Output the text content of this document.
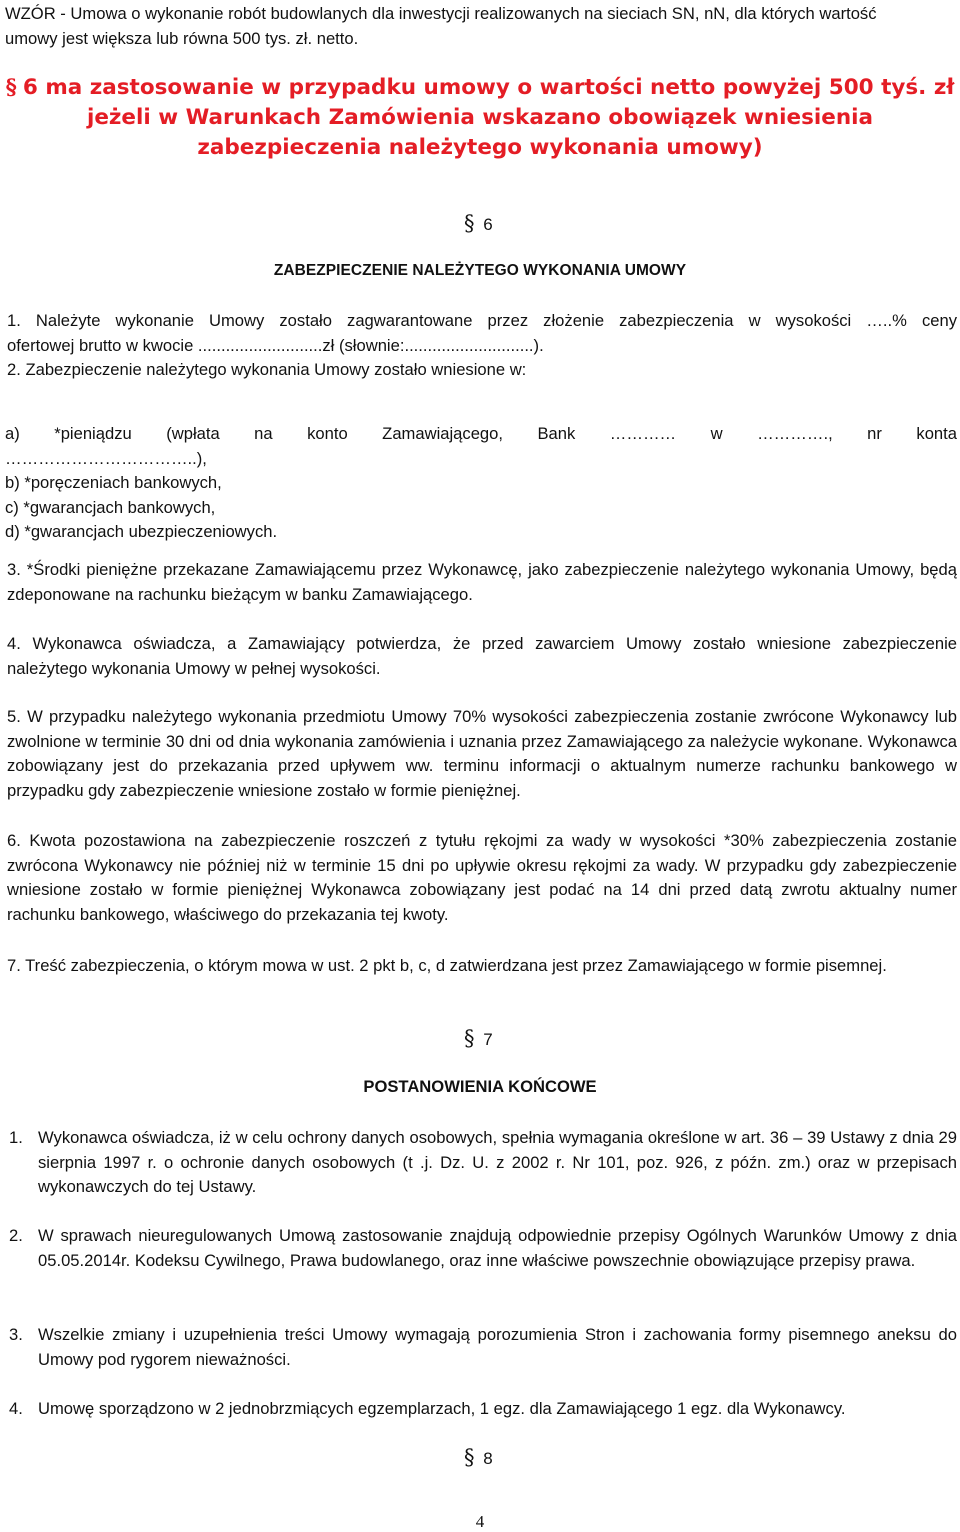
WZÓR - Umowa o wykonanie robót budowlanych dla inwestycji realizowanych na sieciach SN, nN, dla których wartość
umowy jest większa lub równa 500 tys. zł. netto.
§ 6 ma zastosowanie w przypadku umowy o wartości netto powyżej 500 tyś. zł
jeżeli w Warunkach Zamówienia wskazano obowiązek wniesienia
zabezpieczenia należytego wykonania umowy)
§ 6
ZABEZPIECZENIE NALEŻYTEGO WYKONANIA UMOWY
1. Należyte wykonanie Umowy zostało zagwarantowane przez złożenie zabezpieczenia w wysokości …..% ceny
ofertowej brutto w kwocie ...........................zł (słownie:............................).
2. Zabezpieczenie należytego wykonania Umowy zostało wniesione w:
a) *pieniądzu (wpłata na konto Zamawiającego, Bank ………… w …………., nr konta
……………………………..),
b) *poręczeniach bankowych,
c) *gwarancjach bankowych,
d) *gwarancjach ubezpieczeniowych.
3. *Środki pieniężne przekazane Zamawiającemu przez Wykonawcę, jako zabezpieczenie należytego wykonania Umowy, będą zdeponowane na rachunku bieżącym w banku Zamawiającego.
4. Wykonawca oświadcza, a Zamawiający potwierdza, że przed zawarciem Umowy zostało wniesione zabezpieczenie należytego wykonania Umowy w pełnej wysokości.
5. W przypadku należytego wykonania przedmiotu Umowy 70% wysokości zabezpieczenia zostanie zwrócone Wykonawcy lub zwolnione w terminie 30 dni od dnia wykonania zamówienia i uznania przez Zamawiającego za należycie wykonane. Wykonawca zobowiązany jest do przekazania przed upływem ww. terminu informacji o aktualnym numerze rachunku bankowego w przypadku gdy zabezpieczenie wniesione zostało w formie pieniężnej.
6. Kwota pozostawiona na zabezpieczenie roszczeń z tytułu rękojmi za wady w wysokości *30% zabezpieczenia zostanie zwrócona Wykonawcy nie później niż w terminie 15 dni po upływie okresu rękojmi za wady. W przypadku gdy zabezpieczenie wniesione zostało w formie pieniężnej Wykonawca zobowiązany jest podać na 14 dni przed datą zwrotu aktualny numer rachunku bankowego, właściwego do przekazania tej kwoty.
7. Treść zabezpieczenia, o którym mowa w ust. 2 pkt b, c, d zatwierdzana jest przez Zamawiającego w formie pisemnej.
§ 7
POSTANOWIENIA KOŃCOWE
1. Wykonawca oświadcza, iż w celu ochrony danych osobowych, spełnia wymagania określone w art. 36 – 39 Ustawy z dnia 29 sierpnia 1997 r. o ochronie danych osobowych (t .j. Dz. U. z 2002 r. Nr 101, poz. 926, z późn. zm.) oraz w przepisach wykonawczych do tej Ustawy.
2. W sprawach nieuregulowanych Umową zastosowanie znajdują odpowiednie przepisy Ogólnych Warunków Umowy z dnia 05.05.2014r. Kodeksu Cywilnego, Prawa budowlanego, oraz inne właściwe powszechnie obowiązujące przepisy prawa.
3. Wszelkie zmiany i uzupełnienia treści Umowy wymagają porozumienia Stron i zachowania formy pisemnego aneksu do Umowy pod rygorem nieważności.
4. Umowę sporządzono w 2 jednobrzmiących egzemplarzach, 1 egz. dla Zamawiającego 1 egz. dla Wykonawcy.
§ 8
4
